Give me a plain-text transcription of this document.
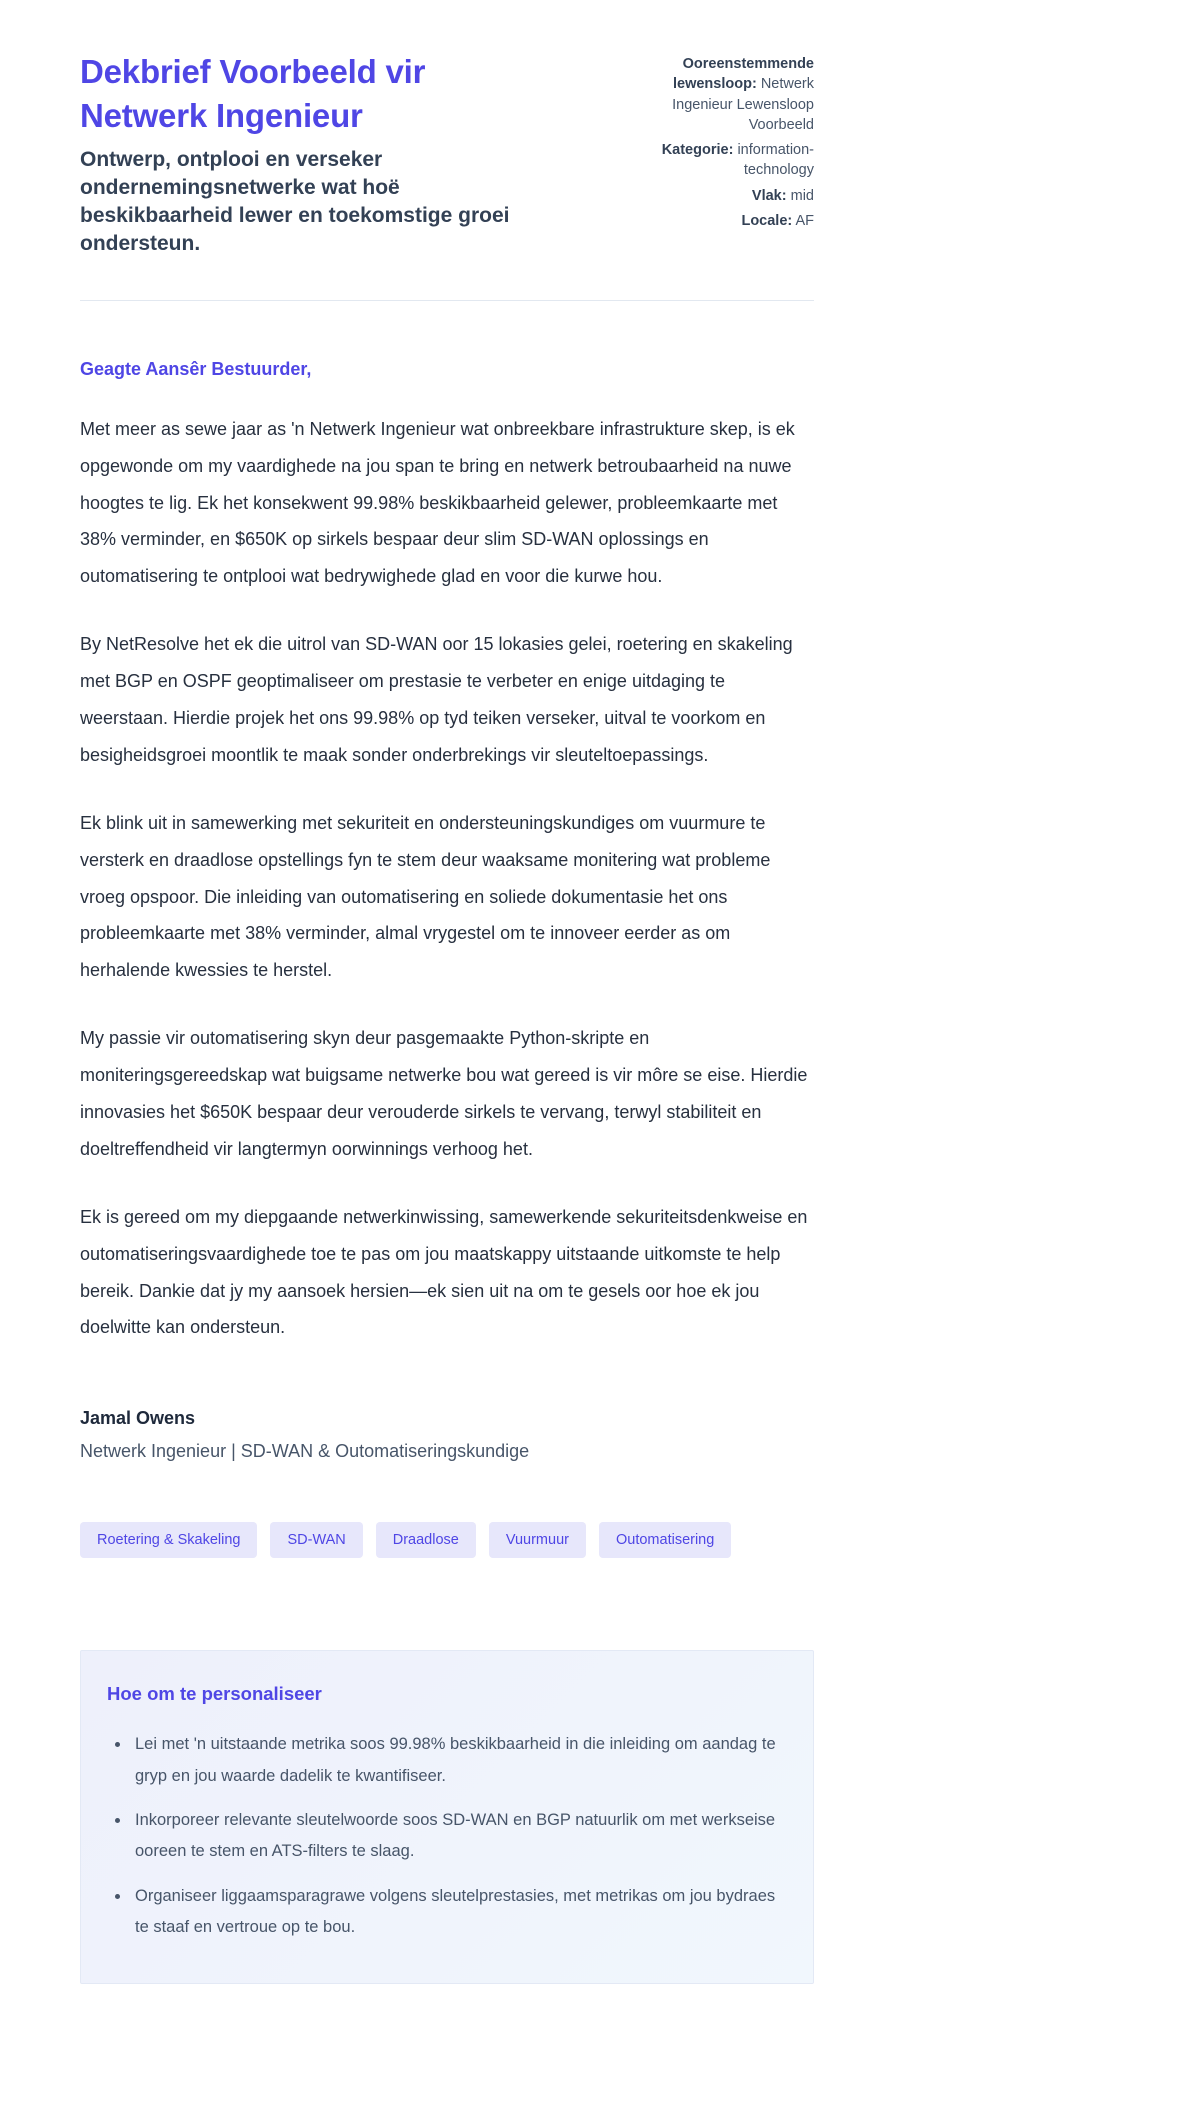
Dekbrief Voorbeeld vir Netwerk Ingenieur
Ontwerp, ontplooi en verseker ondernemingsnetwerke wat hoë beskikbaarheid lewer en toekomstige groei ondersteun.
Ooreenstemmende lewensloop: Netwerk Ingenieur Lewensloop Voorbeeld
Kategorie: information-technology
Vlak: mid
Locale: AF
Geagte Aansêr Bestuurder,

Met meer as sewe jaar as 'n Netwerk Ingenieur wat onbreekbare infrastrukture skep, is ek opgewonde om my vaardighede na jou span te bring en netwerk betroubaarheid na nuwe hoogtes te lig. Ek het konsekwent 99.98% beskikbaarheid gelewer, probleemkaarte met 38% verminder, en $650K op sirkels bespaar deur slim SD-WAN oplossings en outomatisering te ontplooi wat bedrywighede glad en voor die kurwe hou.

By NetResolve het ek die uitrol van SD-WAN oor 15 lokasies gelei, roetering en skakeling met BGP en OSPF geoptimaliseer om prestasie te verbeter en enige uitdaging te weerstaan. Hierdie projek het ons 99.98% op tyd teiken verseker, uitval te voorkom en besigheidsgroei moontlik te maak sonder onderbrekings vir sleuteltoepassings.

Ek blink uit in samewerking met sekuriteit en ondersteuningskundiges om vuurmure te versterk en draadlose opstellings fyn te stem deur waaksame monitering wat probleme vroeg opspoor. Die inleiding van outomatisering en soliede dokumentasie het ons probleemkaarte met 38% verminder, almal vrygestel om te innoveer eerder as om herhalende kwessies te herstel.

My passie vir outomatisering skyn deur pasgemaakte Python-skripte en moniteringsgereedskap wat buigsame netwerke bou wat gereed is vir môre se eise. Hierdie innovasies het $650K bespaar deur verouderde sirkels te vervang, terwyl stabiliteit en doeltreffendheid vir langtermyn oorwinnings verhoog het.

Ek is gereed om my diepgaande netwerkinwissing, samewerkende sekuriteitsdenkweise en outomatiseringsvaardighede toe te pas om jou maatskappy uitstaande uitkomste te help bereik. Dankie dat jy my aansoek hersien—ek sien uit na om te gesels oor hoe ek jou doelwitte kan ondersteun.

Jamal Owens
Netwerk Ingenieur | SD-WAN & Outomatiseringskundige
Roetering & Skakeling	SD-WAN	Draadlose	Vuurmuur	Outomatisering
Hoe om te personaliseer
• Lei met 'n uitstaande metrika soos 99.98% beskikbaarheid in die inleiding om aandag te gryp en jou waarde dadelik te kwantifiseer.
• Inkorporeer relevante sleutelwoorde soos SD-WAN en BGP natuurlik om met werkseise ooreen te stem en ATS-filters te slaag.
• Organiseer liggaamsparagrawe volgens sleutelprestasies, met metrikas om jou bydraes te staaf en vertroue op te bou.
